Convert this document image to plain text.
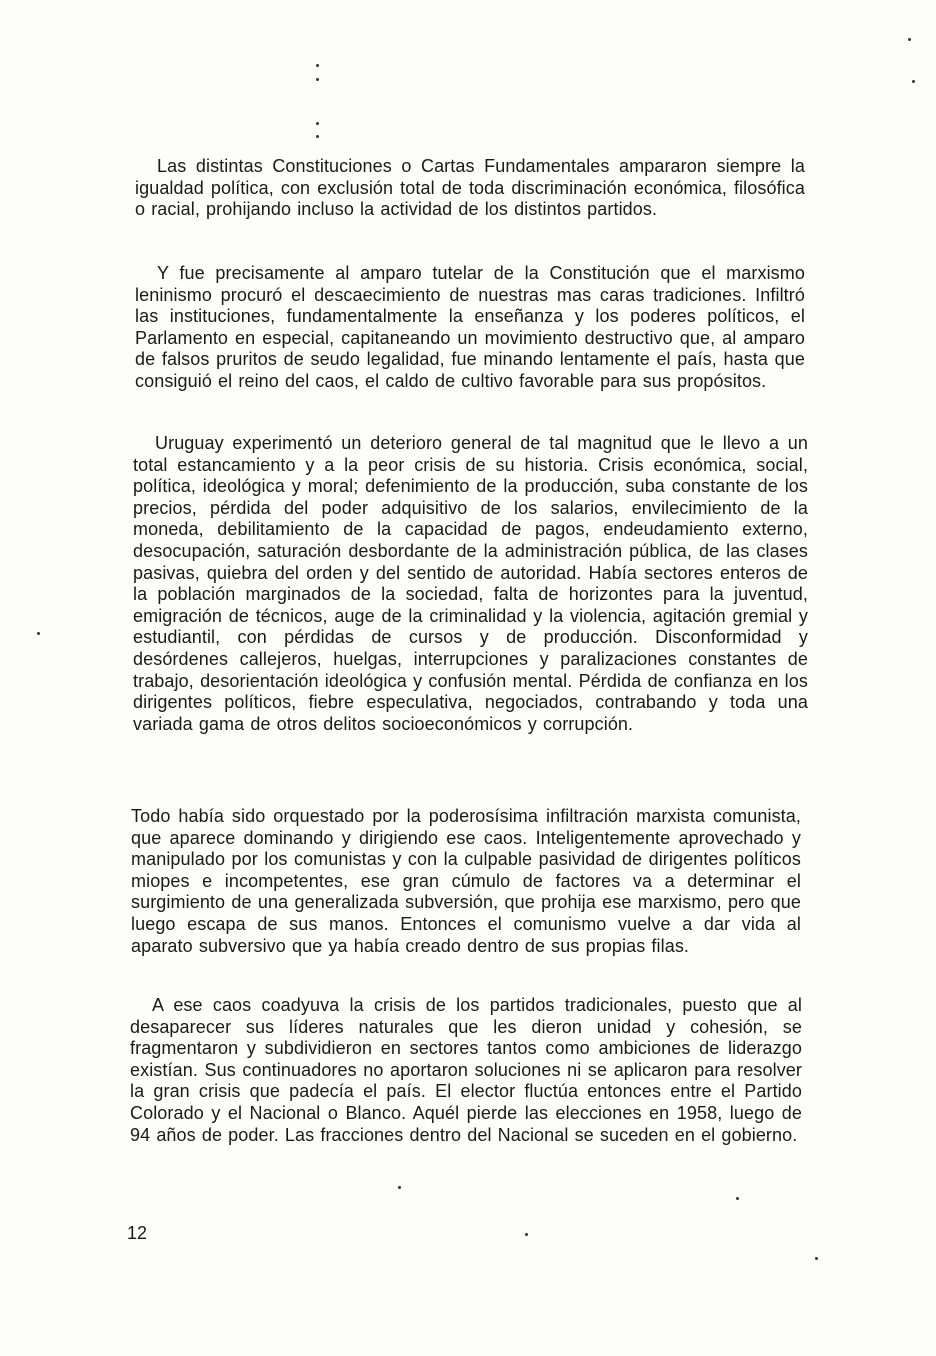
Las distintas Constituciones o Cartas Fundamentales ampararon siempre la igualdad política, con exclusión total de toda discriminación económica, filosófica o racial, prohijando incluso la actividad de los distintos partidos.

Y fue precisamente al amparo tutelar de la Constitución que el marxismo leninismo procuró el descaecimiento de nuestras mas caras tradiciones. Infiltró las instituciones, fundamentalmente la enseñanza y los poderes políticos, el Parlamento en especial, capitaneando un movimiento destructivo que, al amparo de falsos pruritos de seudo legalidad, fue minando lentamente el país, hasta que consiguió el reino del caos, el caldo de cultivo favorable para sus propósitos.

Uruguay experimentó un deterioro general de tal magnitud que le llevo a un total estancamiento y a la peor crisis de su historia. Crisis económica, social, política, ideológica y moral; defenimiento de la producción, suba constante de los precios, pérdida del poder adquisitivo de los salarios, envilecimiento de la moneda, debilitamiento de la capacidad de pagos, endeudamiento externo, desocupación, saturación desbordante de la administración pública, de las clases pasivas, quiebra del orden y del sentido de autoridad. Había sectores enteros de la población marginados de la sociedad, falta de horizontes para la juventud, emigración de técnicos, auge de la criminalidad y la violencia, agitación gremial y estudiantil, con pérdidas de cursos y de producción. Disconformidad y desórdenes callejeros, huelgas, interrupciones y paralizaciones constantes de trabajo, desorientación ideológica y confusión mental. Pérdida de confianza en los dirigentes políticos, fiebre especulativa, negociados, contrabando y toda una variada gama de otros delitos socioeconómicos y corrupción.

Todo había sido orquestado por la poderosísima infiltración marxista comunista, que aparece dominando y dirigiendo ese caos. Inteligentemente aprovechado y manipulado por los comunistas y con la culpable pasividad de dirigentes políticos miopes e incompetentes, ese gran cúmulo de factores va a determinar el surgimiento de una generalizada subversión, que prohija ese marxismo, pero que luego escapa de sus manos. Entonces el comunismo vuelve a dar vida al aparato subversivo que ya había creado dentro de sus propias filas.

A ese caos coadyuva la crisis de los partidos tradicionales, puesto que al desaparecer sus líderes naturales que les dieron unidad y cohesión, se fragmentaron y subdividieron en sectores tantos como ambiciones de liderazgo existían. Sus continuadores no aportaron soluciones ni se aplicaron para resolver la gran crisis que padecía el país. El elector fluctúa entonces entre el Partido Colorado y el Nacional o Blanco. Aquél pierde las elecciones en 1958, luego de 94 años de poder. Las fracciones dentro del Nacional se suceden en el gobierno.

12
